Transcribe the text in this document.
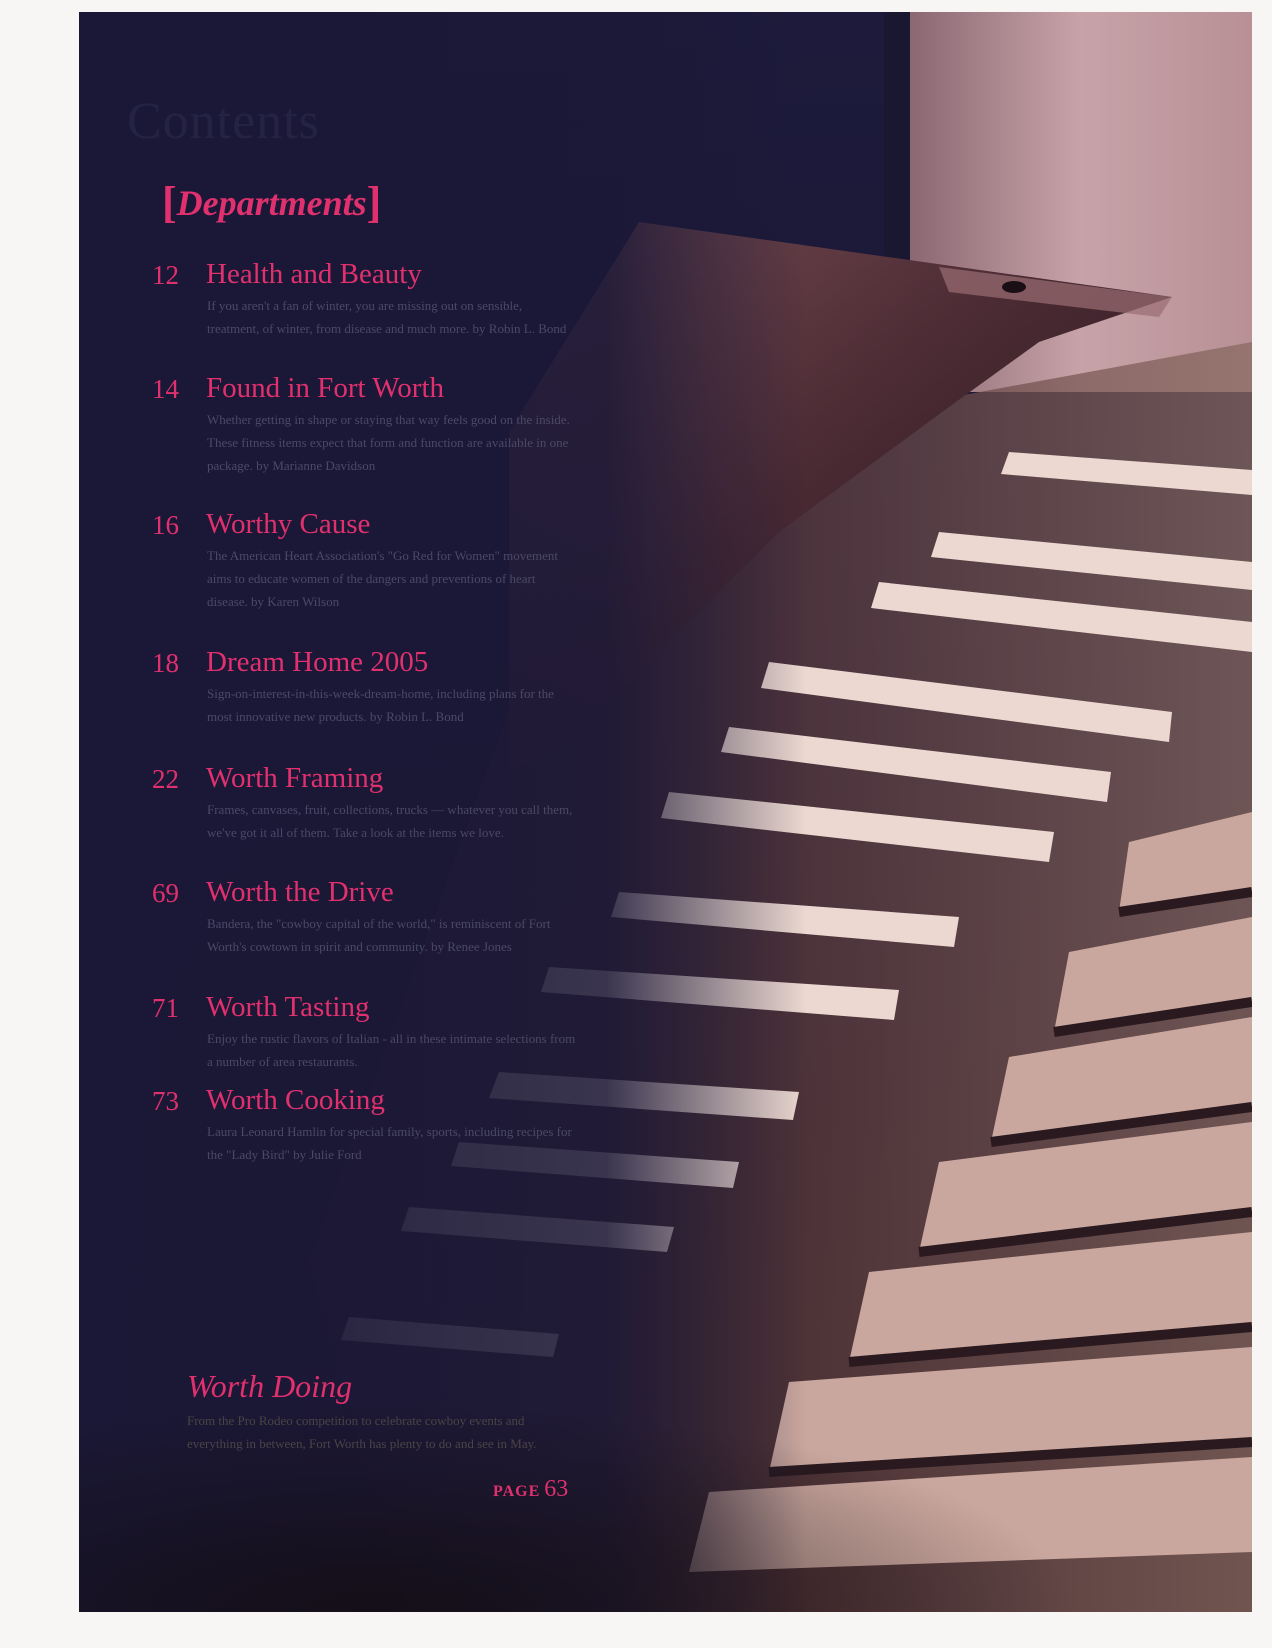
Contents
[Departments]
12 Health and Beauty

If you aren't a fan of winter, you are missing out on sensible, treatment, of winter, from disease and much more. by Robin L. Bond

14 Found in Fort Worth

Whether getting in shape or staying that way feels good on the inside. These fitness items expect that form and function are available in one package. by Marianne Davidson

16 Worthy Cause

The American Heart Association's "Go Red for Women" movement aims to educate women of the dangers and preventions of heart disease. by Karen Wilson

18 Dream Home 2005

Sign-on-interest-in-this-week-dream-home, including plans for the most innovative new products. by Robin L. Bond

22 Worth Framing

Frames, canvases, fruit, collections, trucks — whatever you call them, we've got it all of them. Take a look at the items we love.

69 Worth the Drive

Bandera, the "cowboy capital of the world," is reminiscent of Fort Worth's cowtown in spirit and community. by Renee Jones

71 Worth Tasting

Enjoy the rustic flavors of Italian - all in these intimate selections from a number of area restaurants.

73 Worth Cooking

Laura Leonard Hamlin for special family, sports, including recipes for the "Lady Bird" by Julie Ford

Worth Doing

From the Pro Rodeo competition to celebrate cowboy events and everything in between, Fort Worth has plenty to do and see in May.

PAGE 63
